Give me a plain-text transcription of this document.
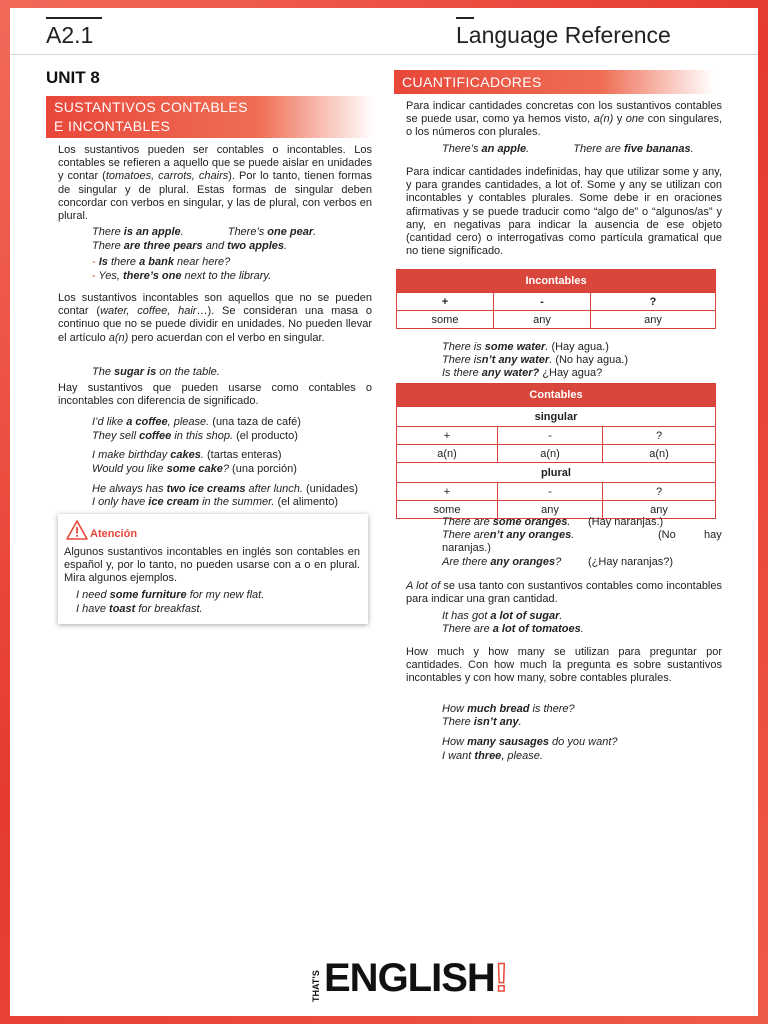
A2.1	Language Reference
UNIT 8
SUSTANTIVOS CONTABLES
E INCONTABLES

Los sustantivos pueden ser contables o incontables. Los contables se refieren a aquello que se puede aislar en unidades y contar (tomatoes, carrots, chairs). Por lo tanto, tienen formas de singular y de plural. Estas formas de singular deben concordar con verbos en singular, y las de plural, con verbos en plural.

There is an apple.	There’s one pear.

There are three pears and two apples.

- Is there a bank near here?

- Yes, there’s one next to the library.

Los sustantivos incontables son aquellos que no se pueden contar (water, coffee, hair…). Se consideran una masa o continuo que no se puede dividir en unidades. No pueden llevar el artículo a(n) pero acuerdan con el verbo en singular.

The sugar is on the table.

Hay sustantivos que pueden usarse como contables o incontables con diferencia de significado.

I’d like a coffee, please. (una taza de café)

They sell coffee in this shop. (el producto)

I make birthday cakes. (tartas enteras)

Would you like some cake? (una porción)

He always has two ice creams after lunch. (unidades)

I only have ice cream in the summer. (el alimento)

Atención

Algunos sustantivos incontables en inglés son contables en español y, por lo tanto, no pueden usarse con a o en plural. Mira algunos ejemplos.

I need some furniture for my new flat.

I have toast for breakfast.

CUANTIFICADORES

Para indicar cantidades concretas con los sustantivos contables se puede usar, como ya hemos visto, a(n) y one con singulares, o los números con plurales.

There’s an apple.	There are five bananas.

Para indicar cantidades indefinidas, hay que utilizar some y any, y para grandes cantidades, a lot of. Some y any se utilizan con incontables y contables plurales. Some debe ir en oraciones afirmativas y se puede traducir como “algo de” o “algunos/as” y any, en negativas para indicar la ausencia de ese objeto (cantidad cero) o interrogativas como partícula gramatical que no tiene significado.

Incontables		
+	-	?
some	any	any

There is some water. (Hay agua.)

There isn’t any water. (No hay agua.)

Is there any water? ¿Hay agua?

Contables		
singular		
+	-	?
a(n)	a(n)	a(n)
plural		
+	-	?
some	any	any

There are some oranges. (Hay naranjas.)

There aren’t any oranges.	(No	hay

naranjas.)

Are there any oranges? (¿Hay naranjas?)

A lot of se usa tanto con sustantivos contables como incontables para indicar una gran cantidad.

It has got a lot of sugar.

There are a lot of tomatoes.

How much y how many se utilizan para preguntar por cantidades. Con how much la pregunta es sobre sustantivos incontables y con how many, sobre contables plurales.

How much bread is there?

There isn’t any.

How many sausages do you want?

I want three, please.

THAT’S ENGLISH!
